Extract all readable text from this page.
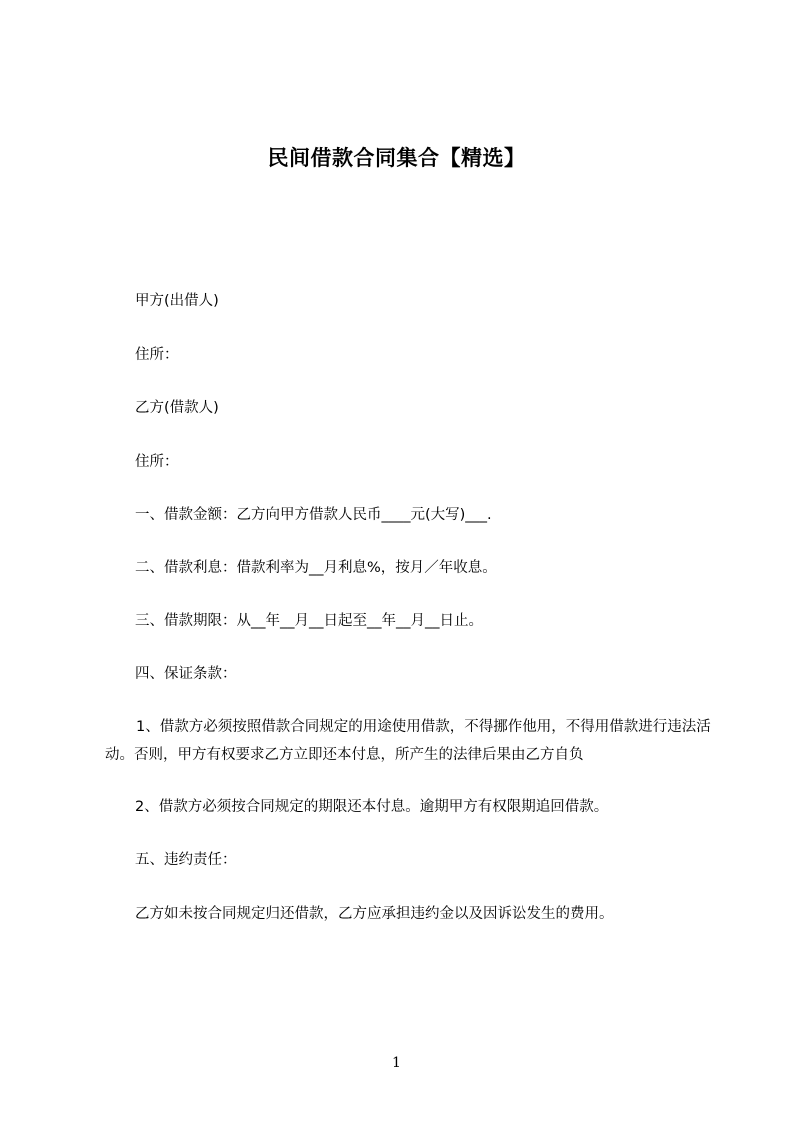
民间借款合同集合【精选】
甲方(出借人)
住所：
乙方(借款人)
住所：
一、借款金额：乙方向甲方借款人民币____元(大写)___.
二、借款利息：借款利率为__月利息%，按月／年收息。
三、借款期限：从__年__月__日起至__年__月__日止。
四、保证条款：
1、借款方必须按照借款合同规定的用途使用借款，不得挪作他用，不得用借款进行违法活动。否则，甲方有权要求乙方立即还本付息，所产生的法律后果由乙方自负
2、借款方必须按合同规定的期限还本付息。逾期甲方有权限期追回借款。
五、违约责任：
乙方如未按合同规定归还借款，乙方应承担违约金以及因诉讼发生的费用。
1
